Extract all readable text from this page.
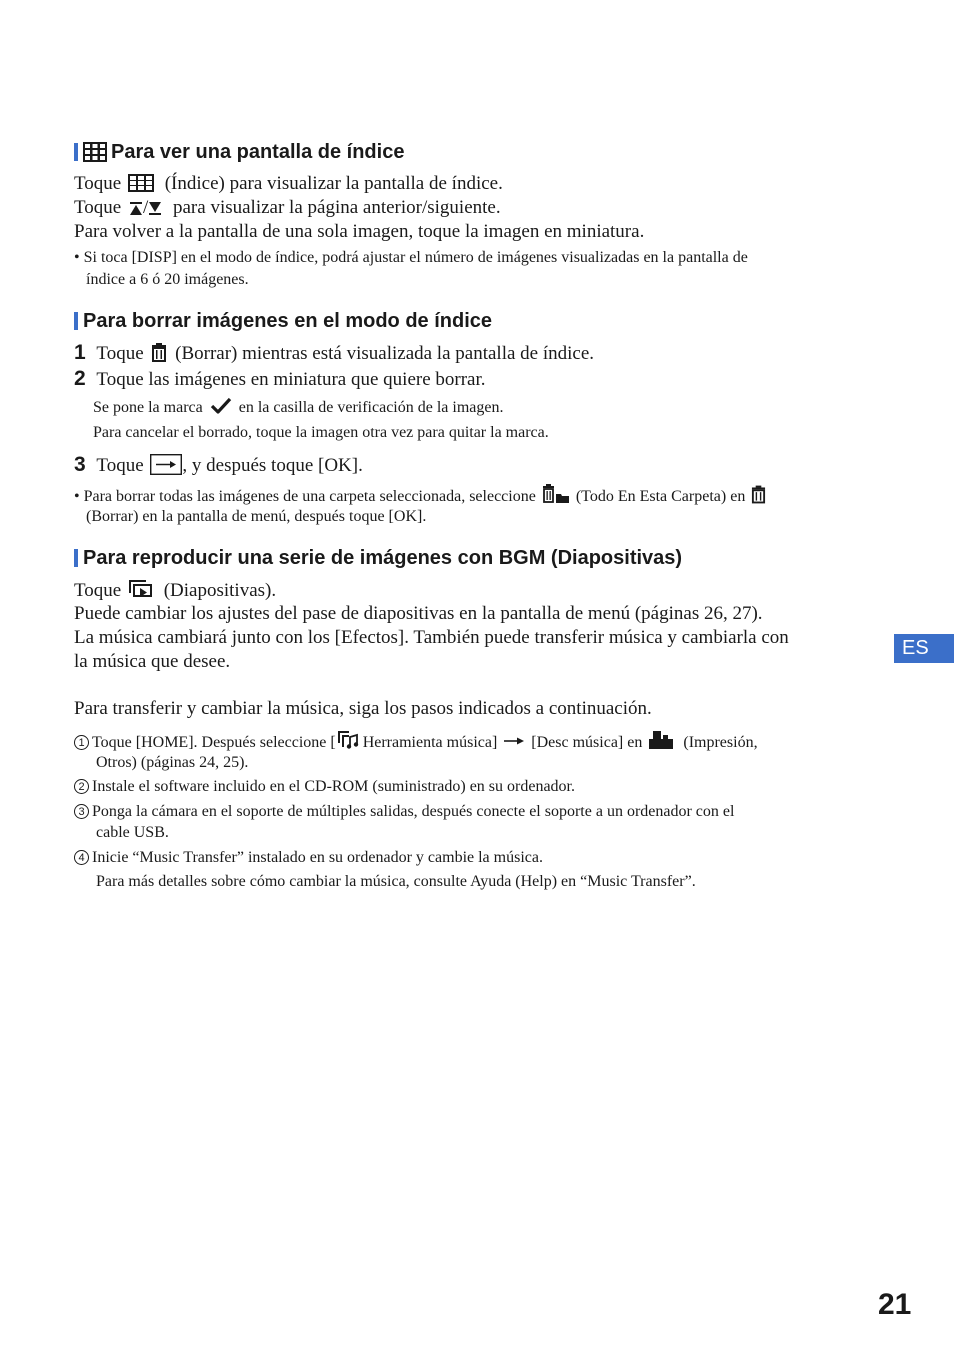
Para ver una pantalla de índice
Toque (Índice) para visualizar la pantalla de índice.
Toque / para visualizar la página anterior/siguiente.
Para volver a la pantalla de una sola imagen, toque la imagen en miniatura.
• Si toca [DISP] en el modo de índice, podrá ajustar el número de imágenes visualizadas en la pantalla de
índice a 6 ó 20 imágenes.
Para borrar imágenes en el modo de índice
1 Toque (Borrar) mientras está visualizada la pantalla de índice.
2 Toque las imágenes en miniatura que quiere borrar.
Se pone la marca en la casilla de verificación de la imagen.
Para cancelar el borrado, toque la imagen otra vez para quitar la marca.
3 Toque , y después toque [OK].
• Para borrar todas las imágenes de una carpeta seleccionada, seleccione	(Todo En Esta Carpeta) en
(Borrar) en la pantalla de menú, después toque [OK].
Para reproducir una serie de imágenes con BGM (Diapositivas)
Toque (Diapositivas).
Puede cambiar los ajustes del pase de diapositivas en la pantalla de menú (páginas 26, 27).
La música cambiará junto con los [Efectos]. También puede transferir música y cambiarla con
la música que desee.
Para transferir y cambiar la música, siga los pasos indicados a continuación.
1 Toque [HOME]. Después seleccione [ Herramienta música] [Desc música] en	(Impresión,
Otros) (páginas 24, 25).
2 Instale el software incluido en el CD-ROM (suministrado) en su ordenador.
3 Ponga la cámara en el soporte de múltiples salidas, después conecte el soporte a un ordenador con el
cable USB.
4 Inicie “Music Transfer” instalado en su ordenador y cambie la música.
Para más detalles sobre cómo cambiar la música, consulte Ayuda (Help) en “Music Transfer”.
ES
21
